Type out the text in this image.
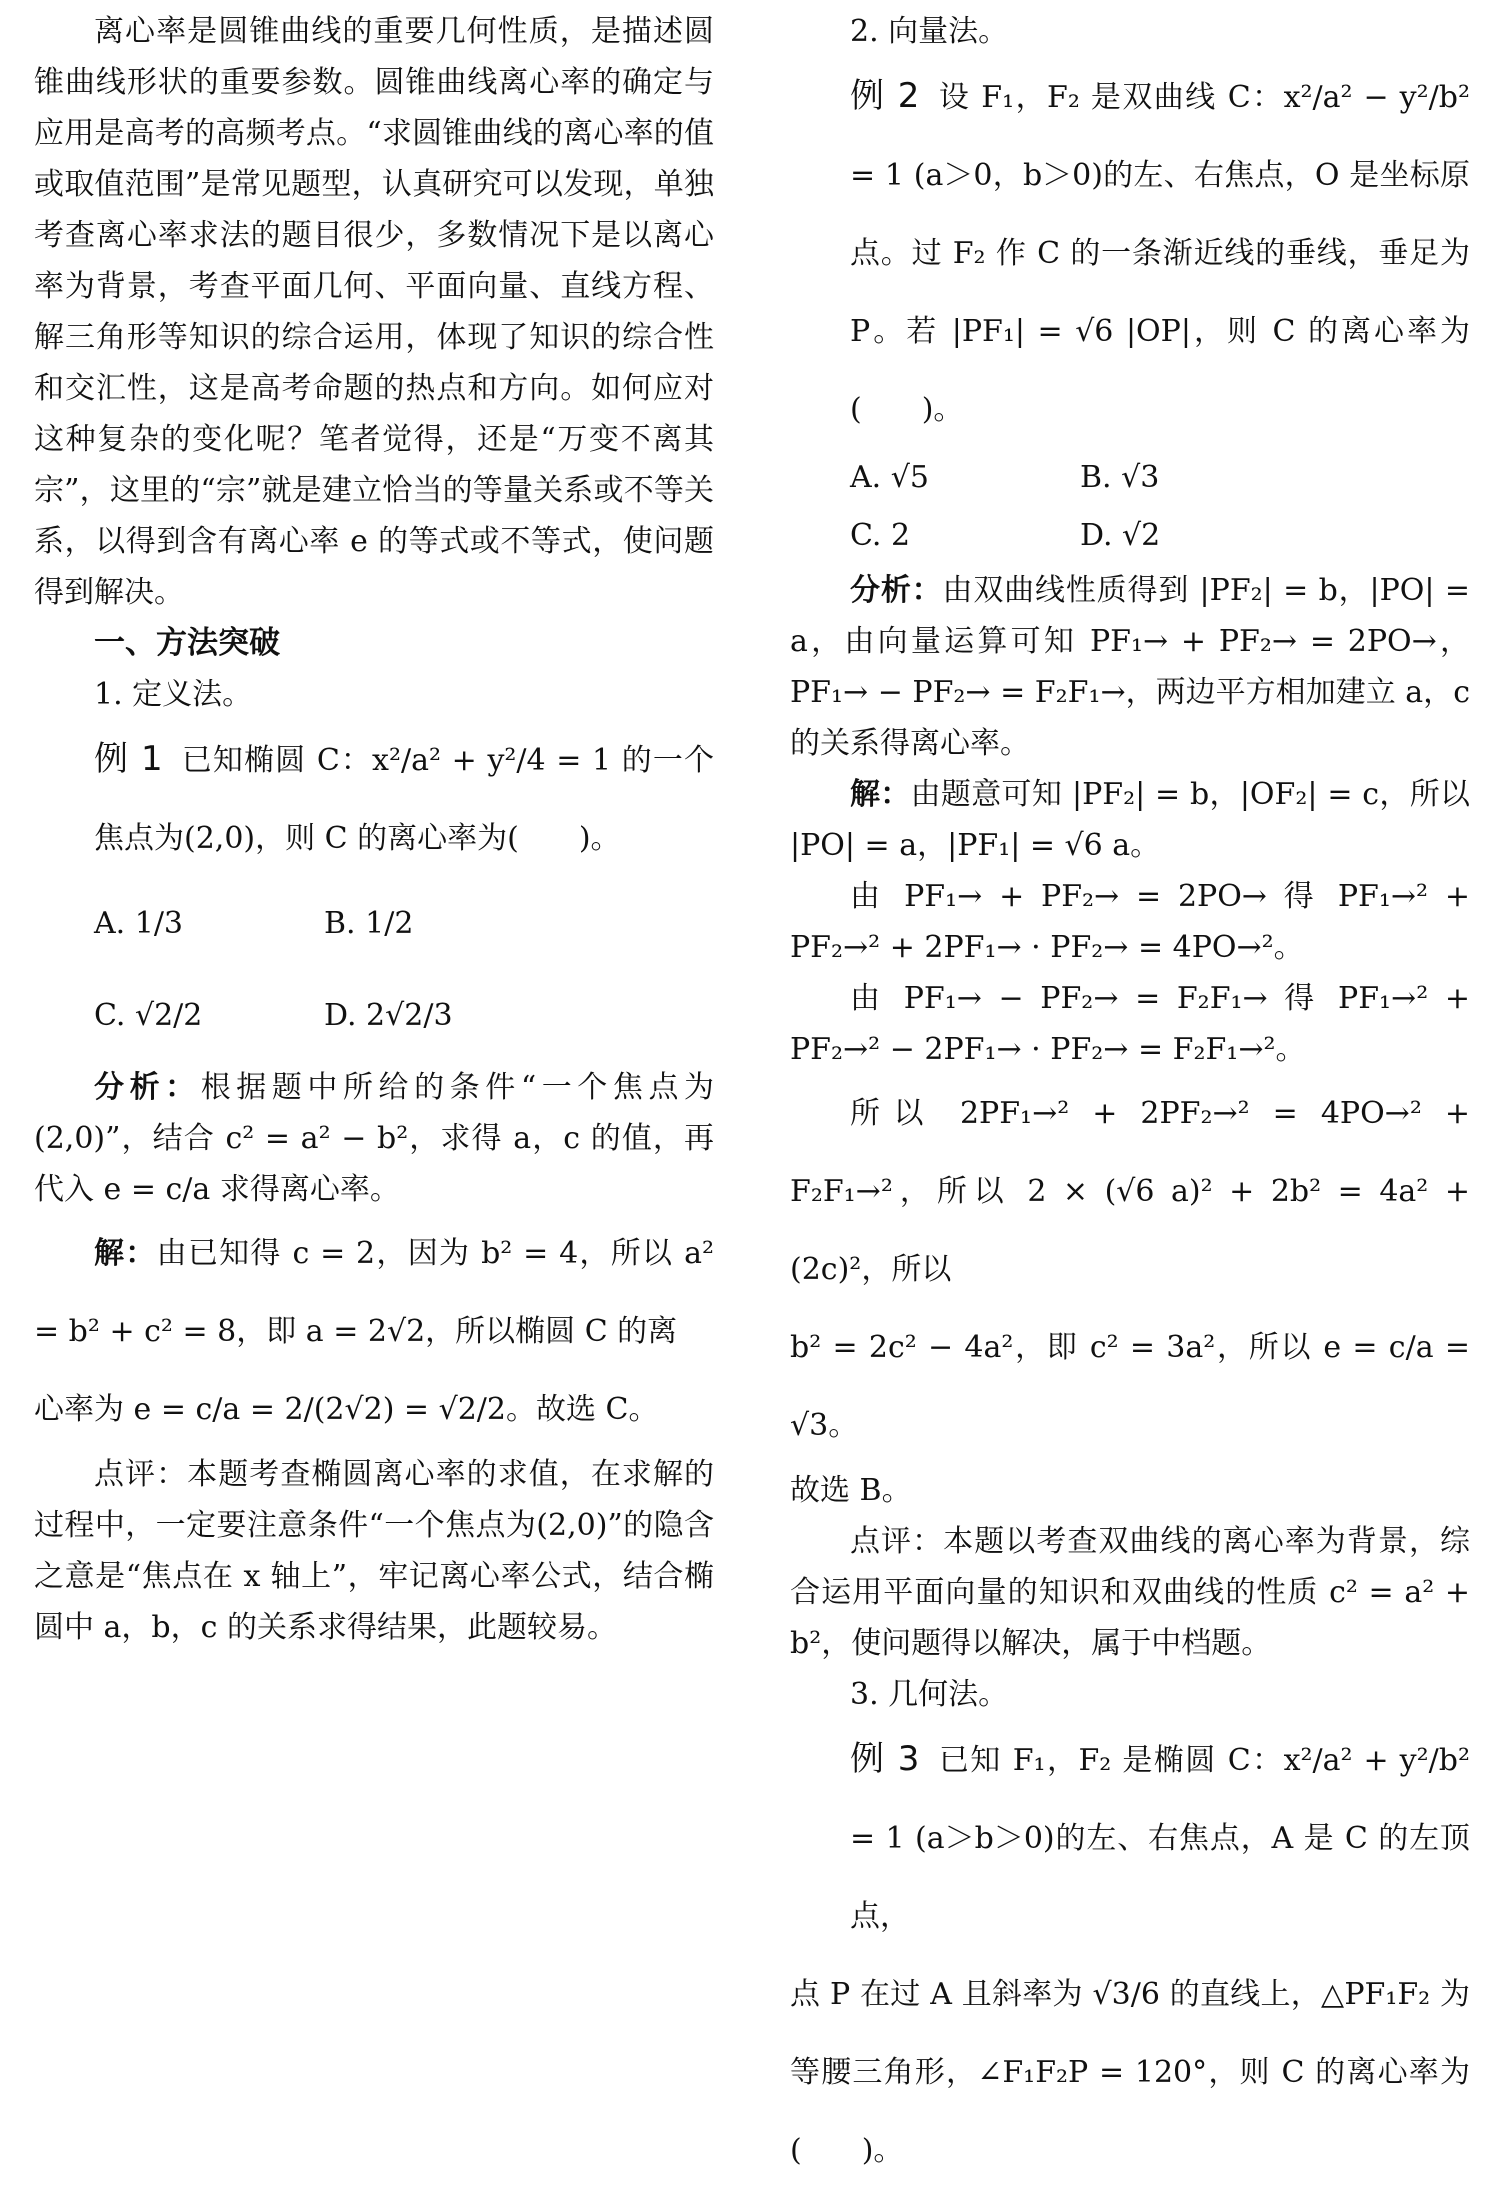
离心率是圆锥曲线的重要几何性质，是描述圆锥曲线形状的重要参数。圆锥曲线离心率的确定与应用是高考的高频考点。“求圆锥曲线的离心率的值或取值范围”是常见题型，认真研究可以发现，单独考查离心率求法的题目很少，多数情况下是以离心率为背景，考查平面几何、平面向量、直线方程、解三角形等知识的综合运用，体现了知识的综合性和交汇性，这是高考命题的热点和方向。如何应对这种复杂的变化呢？笔者觉得，还是“万变不离其宗”，这里的“宗”就是建立恰当的等量关系或不等关系，以得到含有离心率 e 的等式或不等式，使问题得到解决。

一、方法突破

1. 定义法。

例 1 已知椭圆 C：x²/a² + y²/4 = 1 的一个焦点为(2,0)，则 C 的离心率为(　　)。

A. 1/3	B. 1/2
C. √2/2	D. 2√2/3

分析：根据题中所给的条件“一个焦点为(2,0)”，结合 c² = a² − b²，求得 a，c 的值，再代入 e = c/a 求得离心率。

解：由已知得 c = 2，因为 b² = 4，所以 a² = b² + c² = 8，即 a = 2√2，所以椭圆 C 的离

心率为 e = c/a = 2/(2√2) = √2/2。故选 C。

点评：本题考查椭圆离心率的求值，在求解的过程中，一定要注意条件“一个焦点为(2,0)”的隐含之意是“焦点在 x 轴上”，牢记离心率公式，结合椭圆中 a，b，c 的关系求得结果，此题较易。

2. 向量法。

例 2 设 F₁，F₂ 是双曲线 C：x²/a² − y²/b² = 1 (a＞0，b＞0)的左、右焦点，O 是坐标原点。过 F₂ 作 C 的一条渐近线的垂线，垂足为 P。若 |PF₁| = √6 |OP|，则 C 的离心率为(　　)。

A. √5	B. √3
C. 2	D. √2

分析：由双曲线性质得到 |PF₂| = b，|PO| = a，由向量运算可知 PF₁→ + PF₂→ = 2PO→，PF₁→ − PF₂→ = F₂F₁→，两边平方相加建立 a，c 的关系得离心率。

解：由题意可知 |PF₂| = b，|OF₂| = c，所以 |PO| = a，|PF₁| = √6 a。

由 PF₁→ + PF₂→ = 2PO→ 得 PF₁→² + PF₂→² + 2PF₁→ · PF₂→ = 4PO→²。

由 PF₁→ − PF₂→ = F₂F₁→ 得 PF₁→² + PF₂→² − 2PF₁→ · PF₂→ = F₂F₁→²。

所以 2PF₁→² + 2PF₂→² = 4PO→² + F₂F₁→²，所以 2 × (√6 a)² + 2b² = 4a² + (2c)²，所以

b² = 2c² − 4a²，即 c² = 3a²，所以 e = c/a = √3。

故选 B。

点评：本题以考查双曲线的离心率为背景，综合运用平面向量的知识和双曲线的性质 c² = a² + b²，使问题得以解决，属于中档题。

3. 几何法。

例 3 已知 F₁，F₂ 是椭圆 C：x²/a² + y²/b² = 1 (a＞b＞0)的左、右焦点，A 是 C 的左顶点，

点 P 在过 A 且斜率为 √3/6 的直线上，△PF₁F₂ 为等腰三角形，∠F₁F₂P = 120°，则 C 的离心率为(　　)。
